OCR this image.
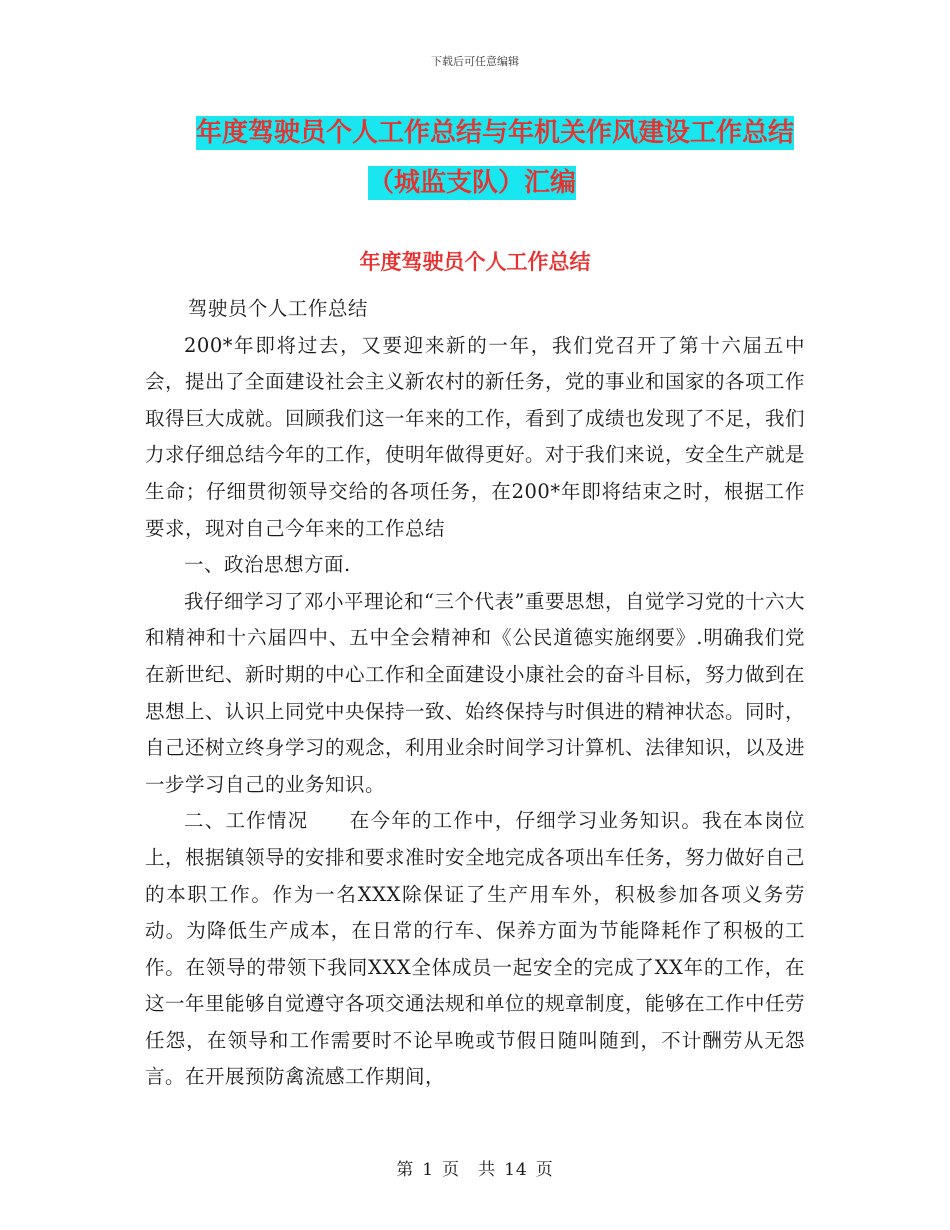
下载后可任意编辑
年度驾驶员个人工作总结与年机关作风建设工作总结
（城监支队）汇编
年度驾驶员个人工作总结

驾驶员个人工作总结

200*年即将过去，又要迎来新的一年，我们党召开了第十六届五中会，提出了全面建设社会主义新农村的新任务，党的事业和国家的各项工作取得巨大成就。回顾我们这一年来的工作，看到了成绩也发现了不足，我们力求仔细总结今年的工作，使明年做得更好。对于我们来说，安全生产就是生命；仔细贯彻领导交给的各项任务，在200*年即将结束之时，根据工作要求，现对自己今年来的工作总结

一、政治思想方面.

我仔细学习了邓小平理论和“三个代表”重要思想，自觉学习党的十六大和精神和十六届四中、五中全会精神和《公民道德实施纲要》.明确我们党在新世纪、新时期的中心工作和全面建设小康社会的奋斗目标，努力做到在思想上、认识上同党中央保持一致、始终保持与时俱进的精神状态。同时，自己还树立终身学习的观念，利用业余时间学习计算机、法律知识，以及进一步学习自己的业务知识。

二、工作情况　　在今年的工作中，仔细学习业务知识。我在本岗位上，根据镇领导的安排和要求准时安全地完成各项出车任务，努力做好自己的本职工作。作为一名XXX除保证了生产用车外，积极参加各项义务劳动。为降低生产成本，在日常的行车、保养方面为节能降耗作了积极的工作。在领导的带领下我同XXX全体成员一起安全的完成了XX年的工作，在这一年里能够自觉遵守各项交通法规和单位的规章制度，能够在工作中任劳任怨，在领导和工作需要时不论早晚或节假日随叫随到，不计酬劳从无怨言。在开展预防禽流感工作期间，

第 1 页　共 14 页
